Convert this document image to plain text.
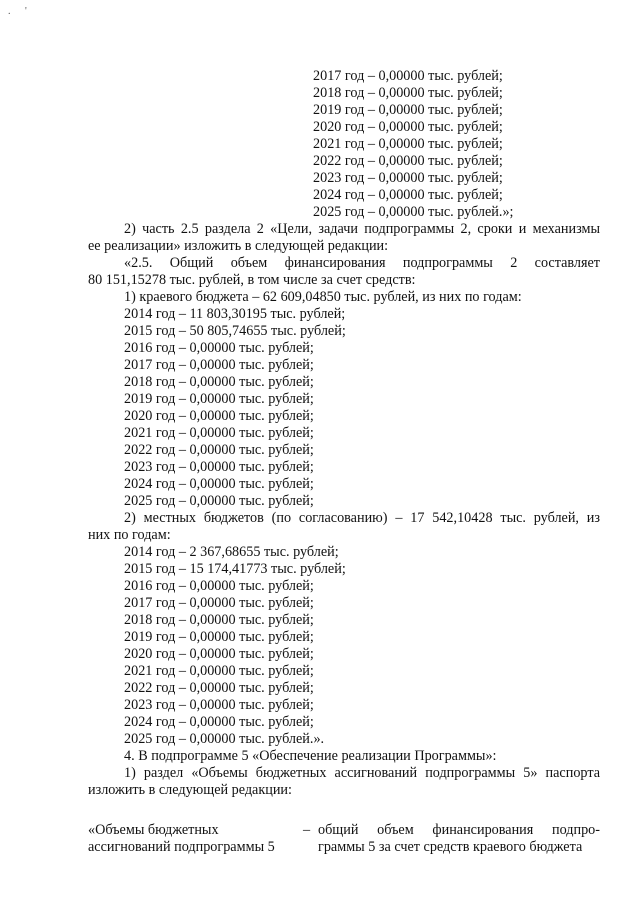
. '
2017 год – 0,00000 тыс. рублей;
2018 год – 0,00000 тыс. рублей;
2019 год – 0,00000 тыс. рублей;
2020 год – 0,00000 тыс. рублей;
2021 год – 0,00000 тыс. рублей;
2022 год – 0,00000 тыс. рублей;
2023 год – 0,00000 тыс. рублей;
2024 год – 0,00000 тыс. рублей;
2025 год – 0,00000 тыс. рублей.»;
2) часть 2.5 раздела 2 «Цели, задачи подпрограммы 2, сроки и механизмы
ее реализации» изложить в следующей редакции:
«2.5. Общий объем финансирования подпрограммы 2 составляет
80 151,15278 тыс. рублей, в том числе за счет средств:
1) краевого бюджета – 62 609,04850 тыс. рублей, из них по годам:
2014 год – 11 803,30195 тыс. рублей;
2015 год – 50 805,74655 тыс. рублей;
2016 год – 0,00000 тыс. рублей;
2017 год – 0,00000 тыс. рублей;
2018 год – 0,00000 тыс. рублей;
2019 год – 0,00000 тыс. рублей;
2020 год – 0,00000 тыс. рублей;
2021 год – 0,00000 тыс. рублей;
2022 год – 0,00000 тыс. рублей;
2023 год – 0,00000 тыс. рублей;
2024 год – 0,00000 тыс. рублей;
2025 год – 0,00000 тыс. рублей;
2) местных бюджетов (по согласованию) – 17 542,10428 тыс. рублей, из
них по годам:
2014 год – 2 367,68655 тыс. рублей;
2015 год – 15 174,41773 тыс. рублей;
2016 год – 0,00000 тыс. рублей;
2017 год – 0,00000 тыс. рублей;
2018 год – 0,00000 тыс. рублей;
2019 год – 0,00000 тыс. рублей;
2020 год – 0,00000 тыс. рублей;
2021 год – 0,00000 тыс. рублей;
2022 год – 0,00000 тыс. рублей;
2023 год – 0,00000 тыс. рублей;
2024 год – 0,00000 тыс. рублей;
2025 год – 0,00000 тыс. рублей.».
4. В подпрограмме 5 «Обеспечение реализации Программы»:
1) раздел «Объемы бюджетных ассигнований подпрограммы 5» паспорта
изложить в следующей редакции:
«Объемы бюджетных
ассигнований подпрограммы 5
– общий объем финансирования подпро-
граммы 5 за счет средств краевого бюджета
